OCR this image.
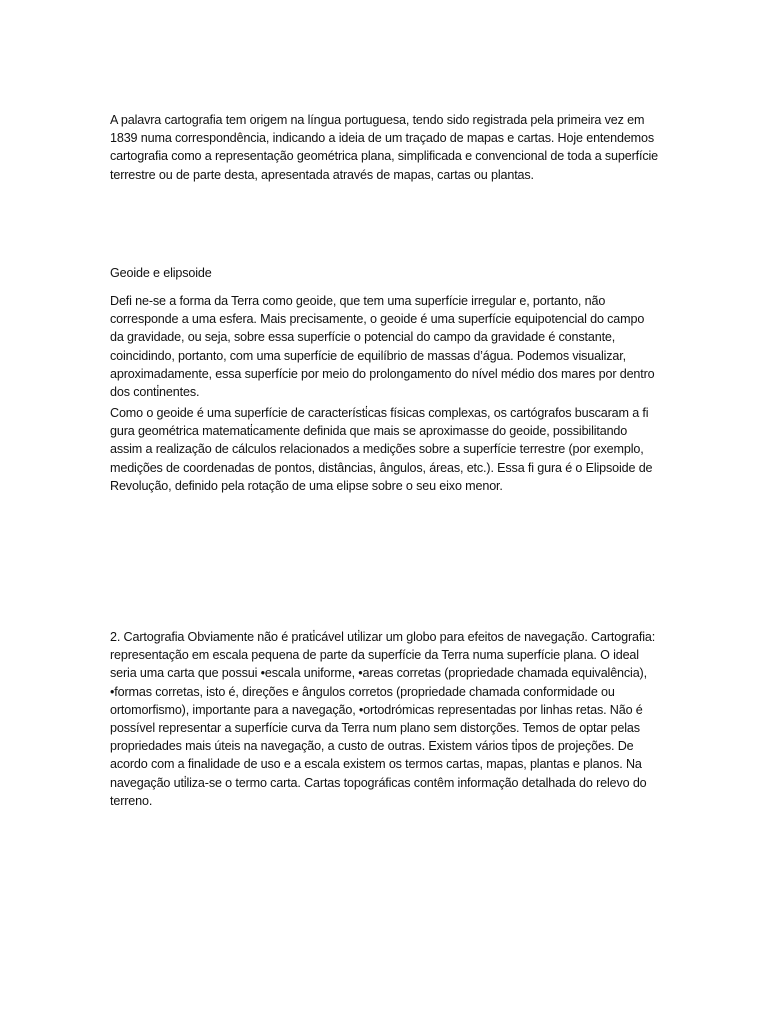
A palavra cartografia tem origem na língua portuguesa, tendo sido registrada pela primeira vez em 1839 numa correspondência, indicando a ideia de um traçado de mapas e cartas. Hoje entendemos cartografia como a representação geométrica plana, simplificada e convencional de toda a superfície terrestre ou de parte desta, apresentada através de mapas, cartas ou plantas.

Geoide e elipsoide

Defi ne-se a forma da Terra como geoide, que tem uma superfície irregular e, portanto, não corresponde a uma esfera. Mais precisamente, o geoide é uma superfície equipotencial do campo da gravidade, ou seja, sobre essa superfície o potencial do campo da gravidade é constante, coincidindo, portanto, com uma superfície de equilíbrio de massas d’água. Podemos visualizar, aproximadamente, essa superfície por meio do prolongamento do nível médio dos mares por dentro dos conti̇nentes.

Como o geoide é uma superfície de característi̇cas físicas complexas, os cartógrafos buscaram a fi gura geométrica matemati̇camente definida que mais se aproximasse do geoide, possibilitando assim a realização de cálculos relacionados a medições sobre a superfície terrestre (por exemplo, medições de coordenadas de pontos, distâncias, ângulos, áreas, etc.). Essa fi gura é o Elipsoide de Revolução, definido pela rotação de uma elipse sobre o seu eixo menor.

2. Cartografia Obviamente não é prati̇cável uti̇lizar um globo para efeitos de navegação. Cartografia: representação em escala pequena de parte da superfície da Terra numa superfície plana. O ideal seria uma carta que possui •escala uniforme, •areas corretas (propriedade chamada equivalência), •formas corretas, isto é, direções e ângulos corretos (propriedade chamada conformidade ou ortomorfismo), importante para a navegação, •ortodrómicas representadas por linhas retas. Não é possível representar a superfície curva da Terra num plano sem distorções. Temos de optar pelas propriedades mais úteis na navegação, a custo de outras. Existem vários ti̇pos de projeções. De acordo com a finalidade de uso e a escala existem os termos cartas, mapas, plantas e planos. Na navegação uti̇liza-se o termo carta. Cartas topográficas contêm informação detalhada do relevo do terreno.
